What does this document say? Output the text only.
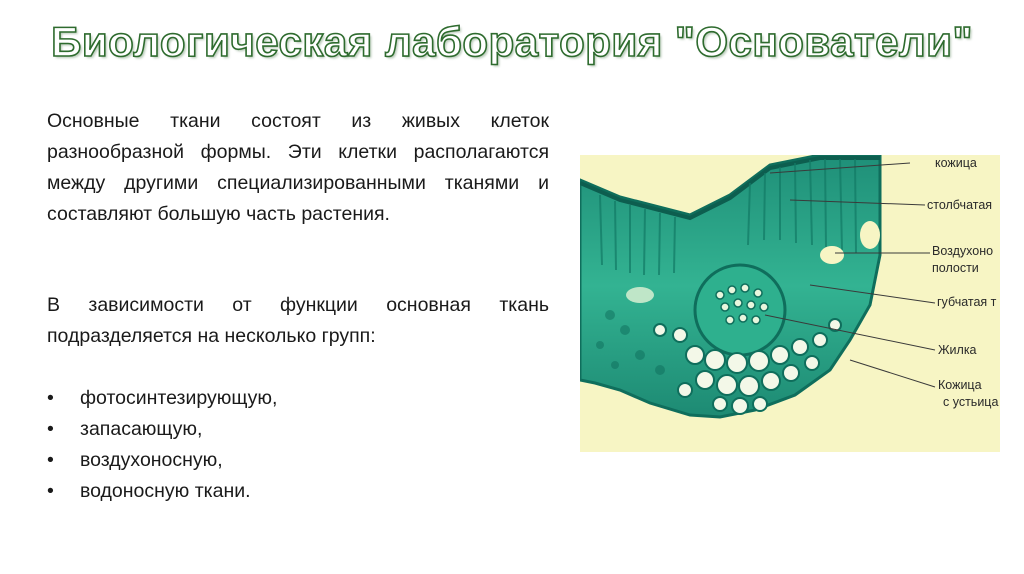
Биологическая лаборатория "Основатели"

Основные ткани состоят из живых клеток разнообразной формы. Эти клетки располагаются между другими специализированными тканями и составляют большую часть растения.

В зависимости от функции основная ткань подразделяется на несколько групп:

• фотосинтезирующую,
• запасающую,
• воздухоносную,
• водоносную ткани.
кожица
столбчатая
Воздухоно
полости
губчатая т
Жилка
Кожица
с устьица
